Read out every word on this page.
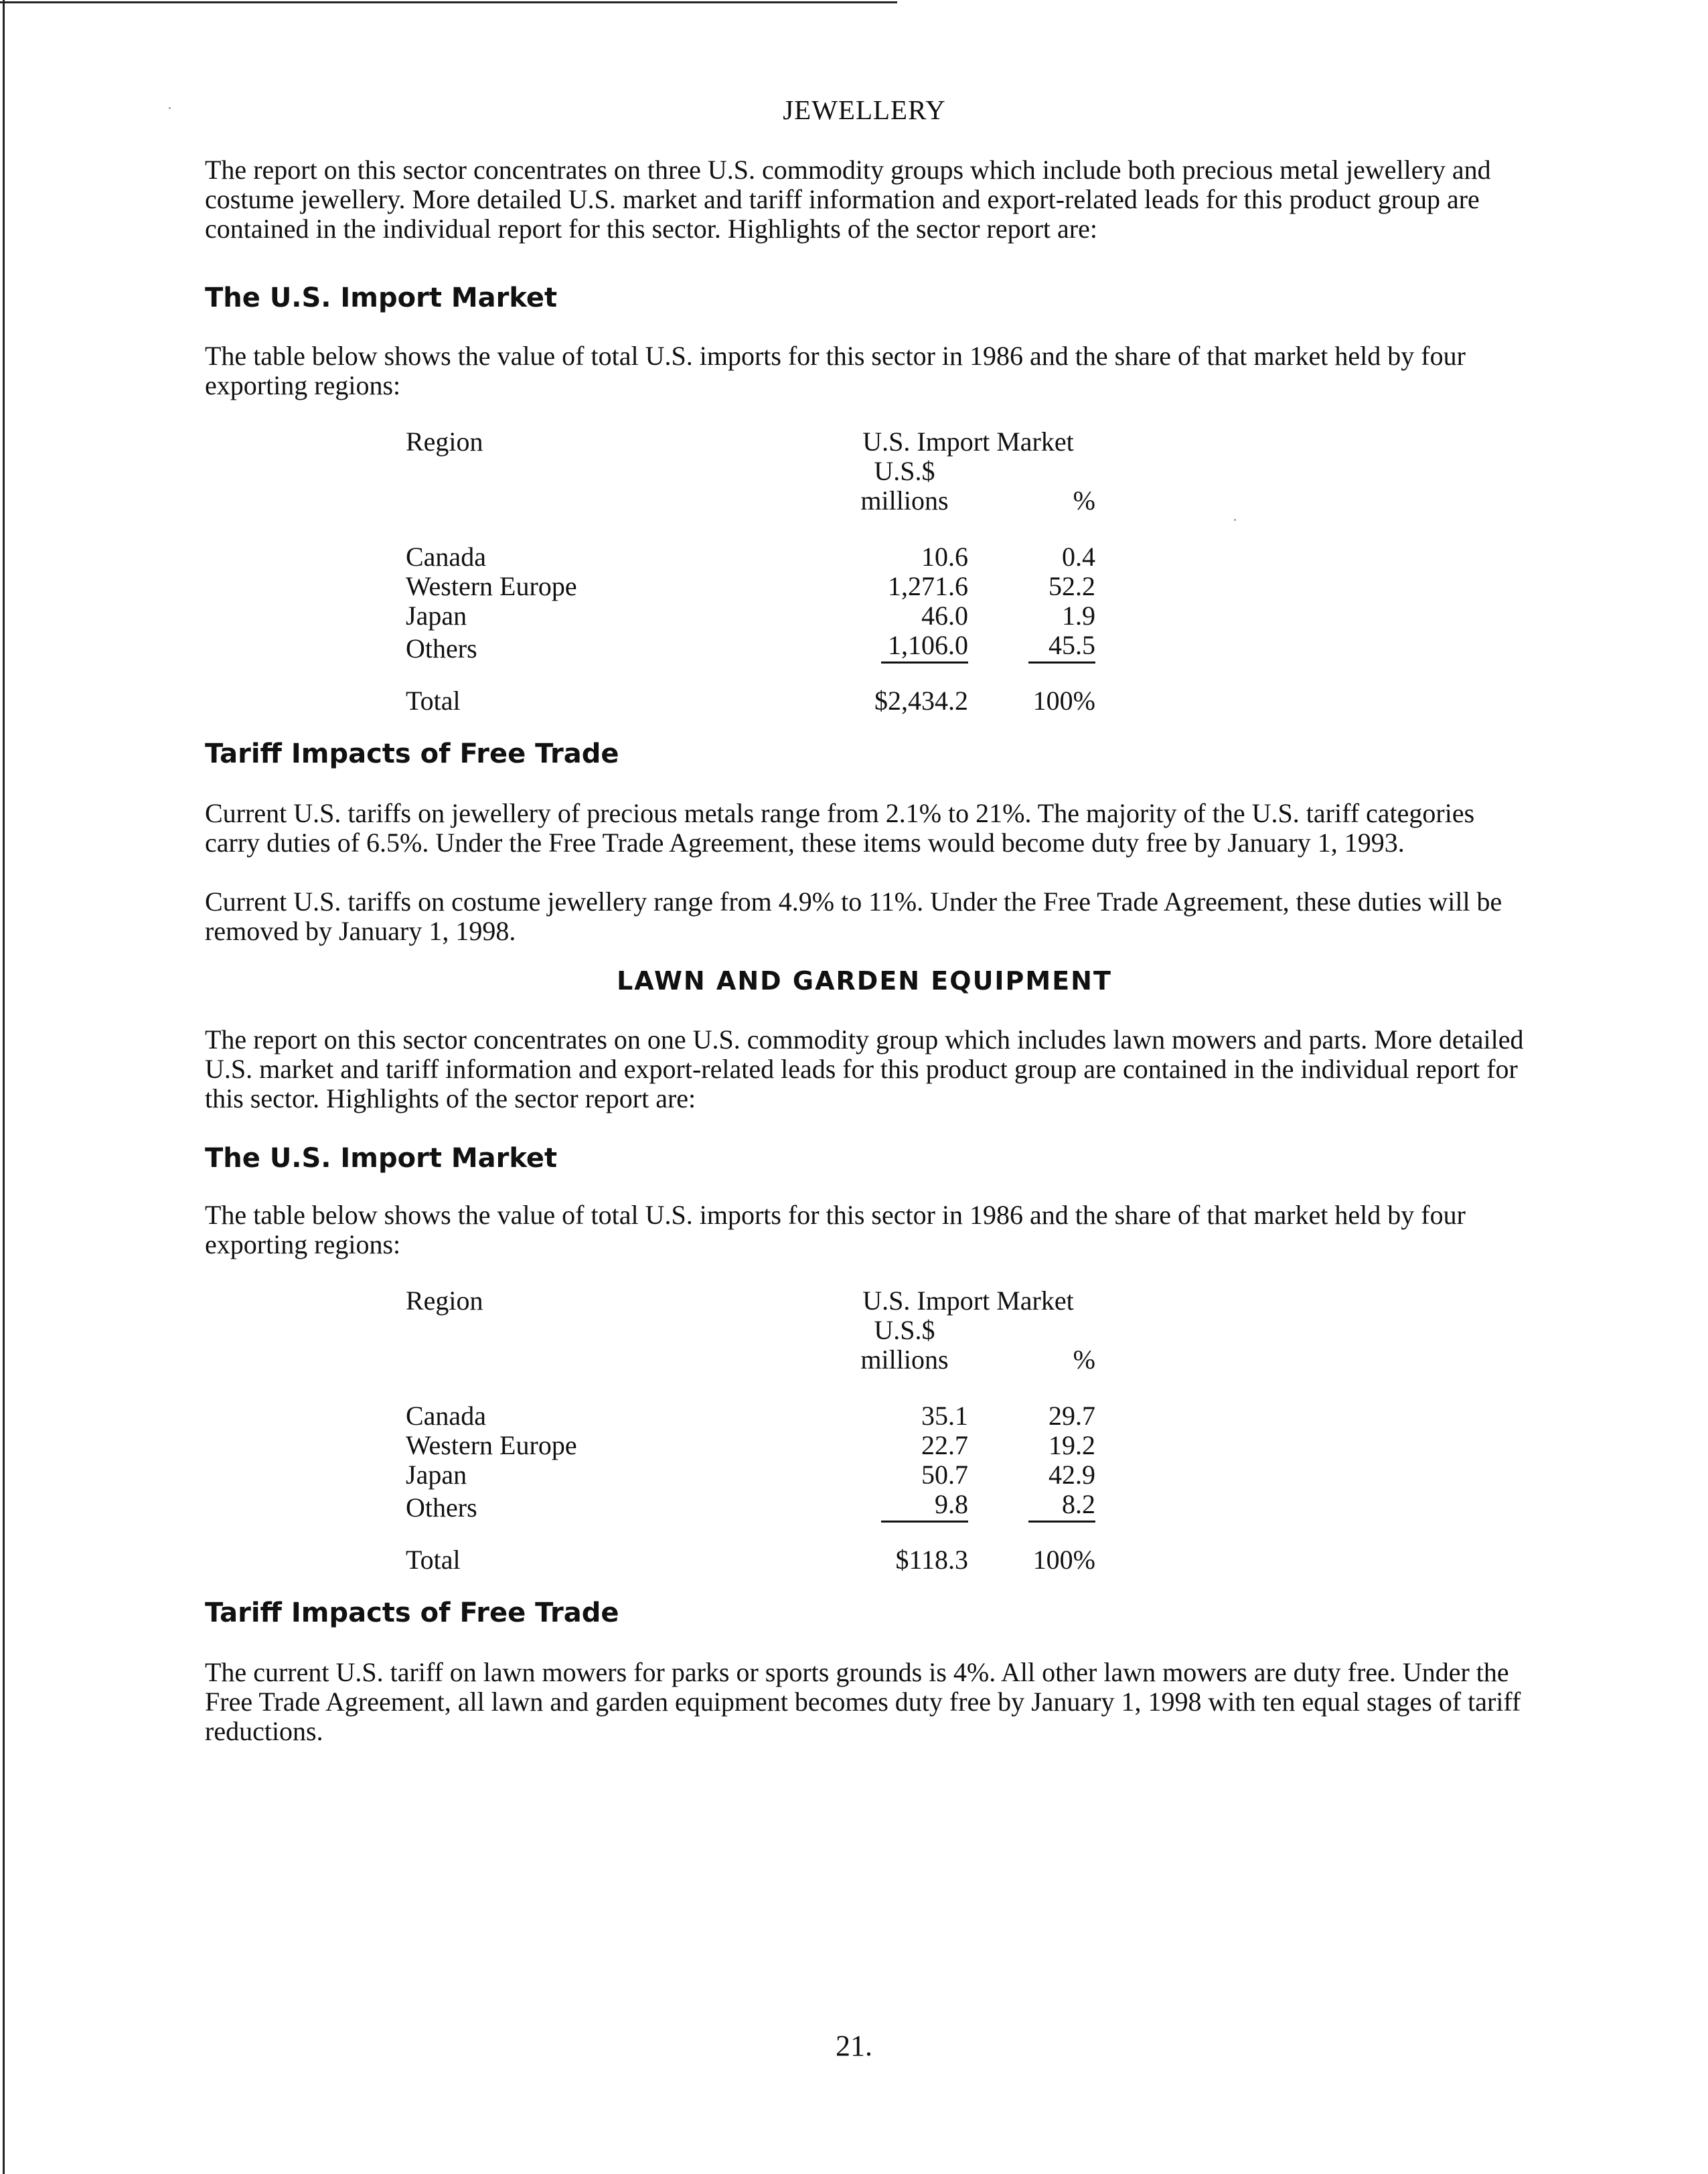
JEWELLERY

The report on this sector concentrates on three U.S. commodity groups which include both precious metal jewellery and costume jewellery. More detailed U.S. market and tariff information and export-related leads for this product group are contained in the individual report for this sector. Highlights of the sector report are:

The U.S. Import Market

The table below shows the value of total U.S. imports for this sector in 1986 and the share of that market held by four exporting regions:

Region	U.S. Import Market		
	U.S.$ millions		%

Canada	10.6		0.4
Western Europe	1,271.6		52.2
Japan	46.0		1.9
Others	1,106.0		45.5

Total	$2,434.2		100%
Tariff Impacts of Free Trade

Current U.S. tariffs on jewellery of precious metals range from 2.1% to 21%. The majority of the U.S. tariff categories carry duties of 6.5%. Under the Free Trade Agreement, these items would become duty free by January 1, 1993.

Current U.S. tariffs on costume jewellery range from 4.9% to 11%. Under the Free Trade Agreement, these duties will be removed by January 1, 1998.

LAWN AND GARDEN EQUIPMENT

The report on this sector concentrates on one U.S. commodity group which includes lawn mowers and parts. More detailed U.S. market and tariff information and export-related leads for this product group are contained in the individual report for this sector. Highlights of the sector report are:

The U.S. Import Market

The table below shows the value of total U.S. imports for this sector in 1986 and the share of that market held by four exporting regions:

Region	U.S. Import Market		
	U.S.$ millions		%

Canada	35.1		29.7
Western Europe	22.7		19.2
Japan	50.7		42.9
Others	9.8		8.2

Total	$118.3		100%
Tariff Impacts of Free Trade

The current U.S. tariff on lawn mowers for parks or sports grounds is 4%. All other lawn mowers are duty free. Under the Free Trade Agreement, all lawn and garden equipment becomes duty free by January 1, 1998 with ten equal stages of tariff reductions.

21.
